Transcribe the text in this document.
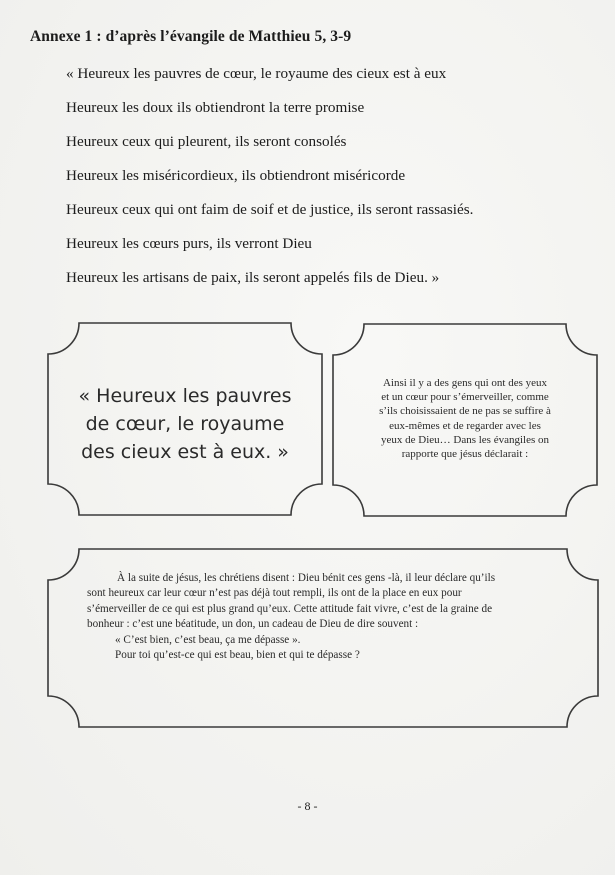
Annexe 1 : d’après l’évangile de Matthieu 5, 3-9
« Heureux les pauvres de cœur, le royaume des cieux est à eux
Heureux les doux ils obtiendront la terre promise
Heureux ceux qui pleurent, ils seront consolés
Heureux les miséricordieux, ils obtiendront miséricorde
Heureux ceux qui ont faim de soif et de justice, ils seront rassasiés.
Heureux les cœurs purs, ils verront Dieu
Heureux les artisans de paix, ils seront appelés fils de Dieu. »
« Heureux les pauvres
de cœur, le royaume
des cieux est à eux. »
Ainsi il y a des gens qui ont des yeux
et un cœur pour s’émerveiller, comme
s’ils choisissaient de ne pas se suffire à
eux-mêmes et de regarder avec les
yeux de Dieu… Dans les évangiles on
rapporte que jésus déclarait :

À la suite de jésus, les chrétiens disent : Dieu bénit ces gens -là, il leur déclare qu’ils

sont heureux car leur cœur n’est pas déjà tout rempli, ils ont de la place en eux pour

s’émerveiller de ce qui est plus grand qu’eux. Cette attitude fait vivre, c’est de la graine de

bonheur : c’est une béatitude, un don, un cadeau de Dieu de dire souvent :

« C’est bien, c’est beau, ça me dépasse ».

Pour toi qu’est-ce qui est beau, bien et qui te dépasse ?

- 8 -
